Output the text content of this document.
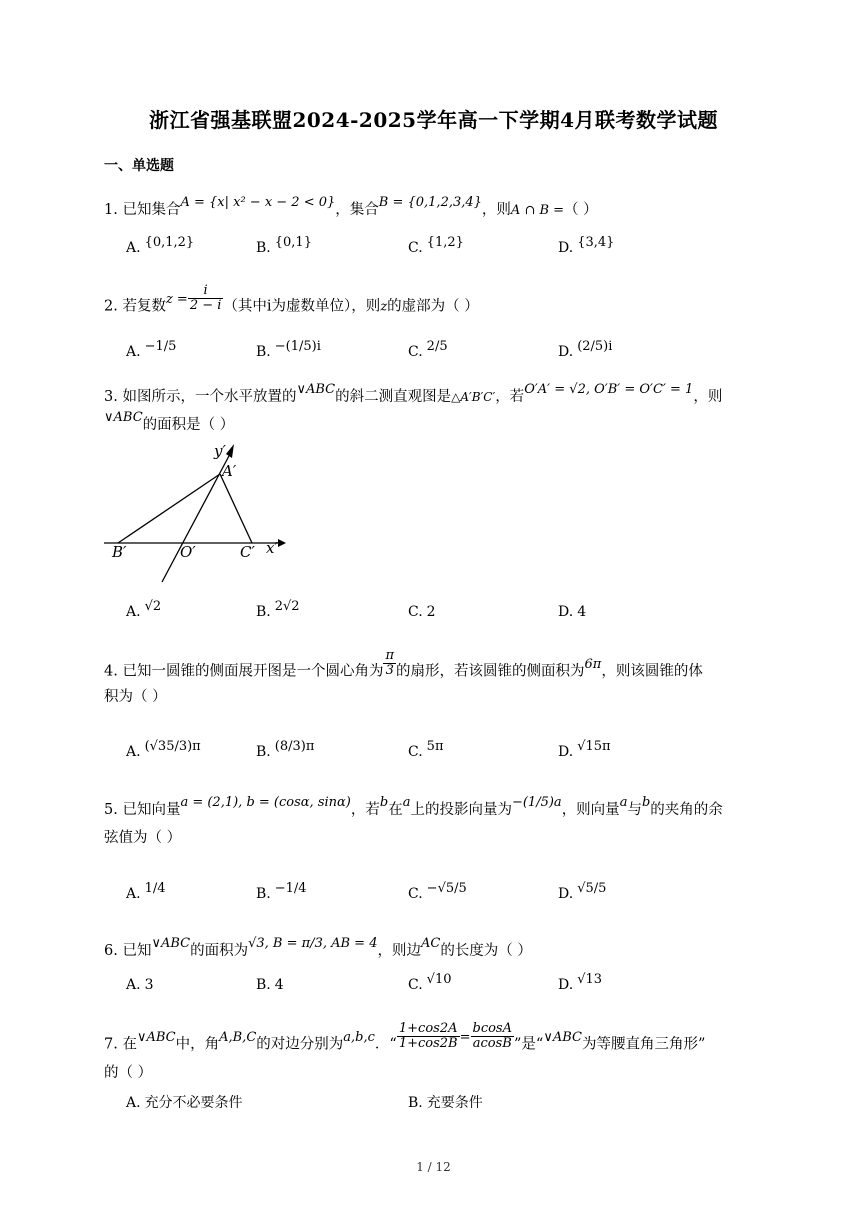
浙江省强基联盟2024-2025学年高一下学期4月联考数学试题
一、单选题
1. 已知集合A = {x| x² − x − 2 < 0}，集合B = {0,1,2,3,4}，则A ∩ B =（ ）
A. {0,1,2}	B. {0,1}	C. {1,2}	D. {3,4}
2. 若复数$z = \frac{i}{2 - i}$ （其中i为虚数单位），则z的虚部为（ ）
A. −1/5	B. −(1/5)i	C. 2/5	D. (2/5)i
3. 如图所示，一个水平放置的∨ABC的斜二测直观图是△A′B′C′，若O′A′ = √2, O′B′ = O′C′ = 1，则
∨ABC的面积是（ ）
y′
A′
B′	O′	C′ x′
A. √2	B. 2√2	C. 2	D. 4
4. 已知一圆锥的侧面展开图是一个圆心角为 $\frac{\pi}{3}$ 的扇形，若该圆锥的侧面积为6π，则该圆锥的体
积为（ ）
A. (√35/3)π	B. (8/3)π	C. 5π	D. √15π
5. 已知向量a = (2,1), b = (cosα, sinα)，若b在a上的投影向量为−(1/5)a，则向量a与b的夹角的余
弦值为（ ）
A. 1/4	B. −1/4	C. −√5/5	D. √5/5
6. 已知∨ABC的面积为√3, B = π/3, AB = 4，则边AC的长度为（ ）
A. 3	B. 4	C. √10	D. √13
7. 在∨ABC中，角A,B,C的对边分别为a,b,c．“ $\frac{1+\cos 2A}{1+\cos 2B} = \frac{bcosA}{acosB}$ ”是“∨ABC为等腰直角三角形”
的（ ）
A. 充分不必要条件	B. 充要条件
1 / 12
